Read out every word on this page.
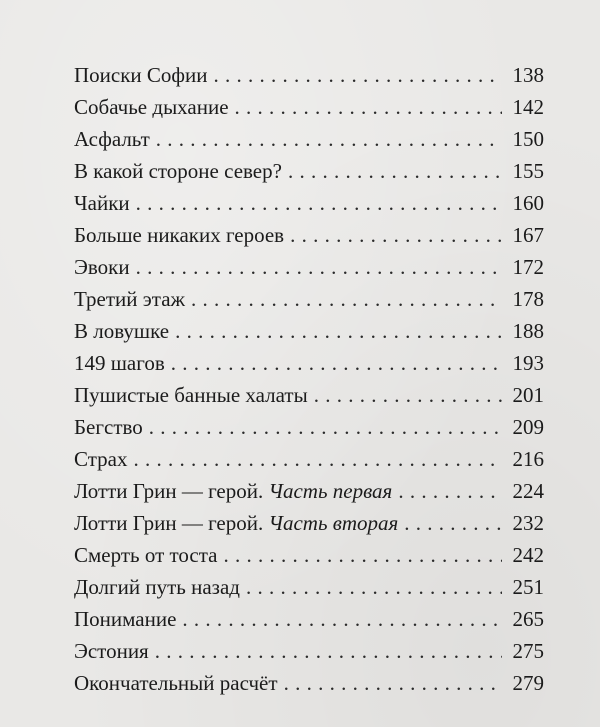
Поиски Софии . . .	138
Собачье дыхание . . .	142
Асфальт . . .	150
В какой стороне север? . . .	155
Чайки . . .	160
Больше никаких героев . . .	167
Эвоки . . .	172
Третий этаж . . .	178
В ловушке . . .	188
149 шагов . . .	193
Пушистые банные халаты . . .	201
Бегство . . .	209
Страх . . .	216
Лотти Грин — герой. Часть первая . . .	224
Лотти Грин — герой. Часть вторая . . .	232
Смерть от тоста . . .	242
Долгий путь назад . . .	251
Понимание . . .	265
Эстония . . .	275
Окончательный расчёт . . .	279
